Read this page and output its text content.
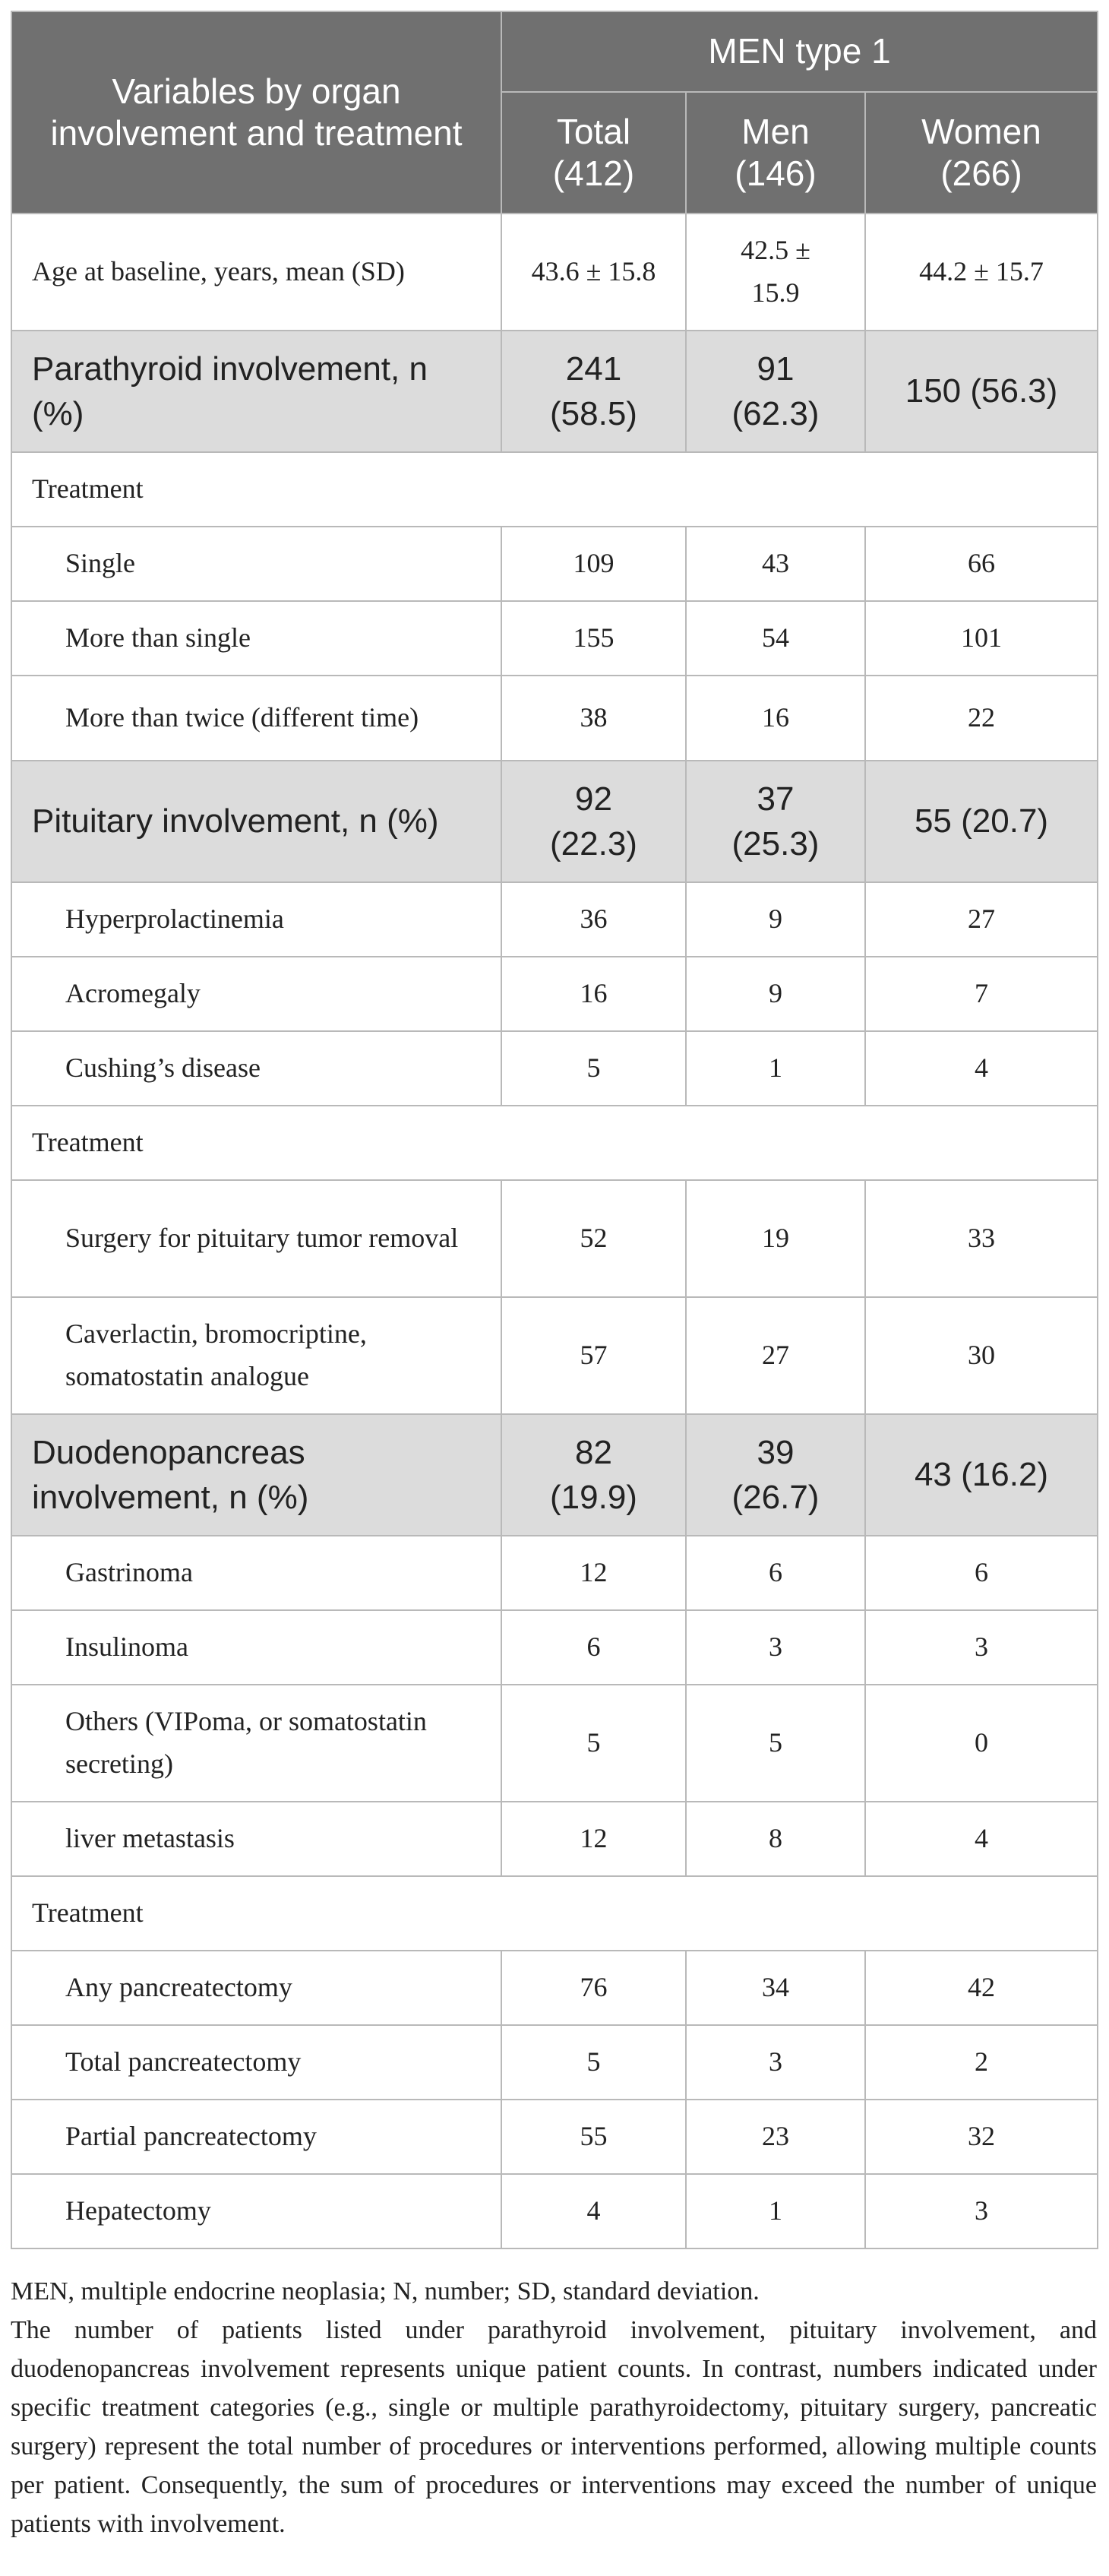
Variables by organ involvement and treatment	MEN type 1		
	Total (412)	Men (146)	Women (266)
Age at baseline, years, mean (SD)	43.6 ± 15.8	42.5 ± 15.9	44.2 ± 15.7
Parathyroid involvement, n (%)	241 (58.5)	91 (62.3)	150 (56.3)
Treatment			
Single	109	43	66
More than single	155	54	101
More than twice (different time)	38	16	22
Pituitary involvement, n (%)	92 (22.3)	37 (25.3)	55 (20.7)
Hyperprolactinemia	36	9	27
Acromegaly	16	9	7
Cushing’s disease	5	1	4
Treatment			
Surgery for pituitary tumor removal	52	19	33
Caverlactin, bromocriptine, somatostatin analogue	57	27	30
Duodenopancreas involvement, n (%)	82 (19.9)	39 (26.7)	43 (16.2)
Gastrinoma	12	6	6
Insulinoma	6	3	3
Others (VIPoma, or somatostatin secreting)	5	5	0
liver metastasis	12	8	4
Treatment			
Any pancreatectomy	76	34	42
Total pancreatectomy	5	3	2
Partial pancreatectomy	55	23	32
Hepatectomy	4	1	3

MEN, multiple endocrine neoplasia; N, number; SD, standard deviation.

The number of patients listed under parathyroid involvement, pituitary involvement, and duodenopancreas involvement represents unique patient counts. In contrast, numbers indicated under specific treatment categories (e.g., single or multiple parathyroidectomy, pituitary surgery, pancreatic surgery) represent the total number of procedures or interventions performed, allowing multiple counts per patient. Consequently, the sum of procedures or interventions may exceed the number of unique patients with involvement.
